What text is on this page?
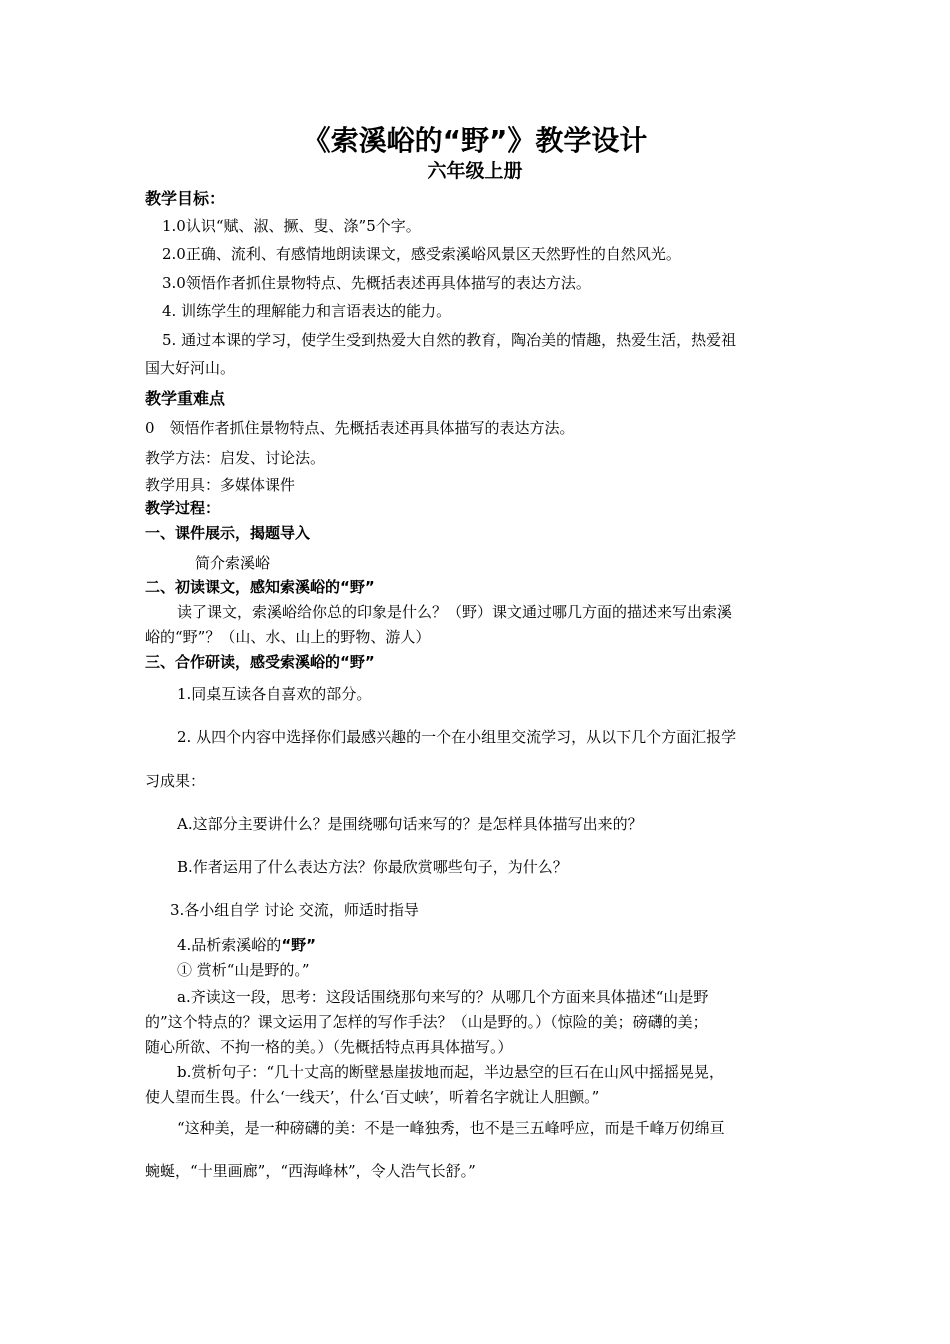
《索溪峪的“野”》教学设计
六年级上册
教学目标：
1.0认识“赋、淑、撅、叟、涤”5个字。
2.0正确、流利、有感情地朗读课文，感受索溪峪风景区天然野性的自然风光。
3.0领悟作者抓住景物特点、先概括表述再具体描写的表达方法。
4. 训练学生的理解能力和言语表达的能力。
5. 通过本课的学习，使学生受到热爱大自然的教育，陶冶美的情趣，热爱生活，热爱祖
国大好河山。
教学重难点
0　领悟作者抓住景物特点、先概括表述再具体描写的表达方法。
教学方法：启发、讨论法。
教学用具：多媒体课件
教学过程：
一、课件展示，揭题导入
简介索溪峪
二、初读课文，感知索溪峪的“野”
读了课文，索溪峪给你总的印象是什么？（野）课文通过哪几方面的描述来写出索溪
峪的“野”？（山、水、山上的野物、游人）
三、合作研读，感受索溪峪的“野”
1.同桌互读各自喜欢的部分。
2. 从四个内容中选择你们最感兴趣的一个在小组里交流学习，从以下几个方面汇报学
习成果：
A.这部分主要讲什么？是围绕哪句话来写的？是怎样具体描写出来的？
B.作者运用了什么表达方法？你最欣赏哪些句子，为什么？
3.各小组自学 讨论 交流，师适时指导
4.品析索溪峪的“野”
① 赏析“山是野的。”
a.齐读这一段，思考：这段话围绕那句来写的？从哪几个方面来具体描述“山是野
的”这个特点的？课文运用了怎样的写作手法？（山是野的。）（惊险的美；磅礴的美；
随心所欲、不拘一格的美。）（先概括特点再具体描写。）
b.赏析句子：“几十丈高的断壁悬崖拔地而起，半边悬空的巨石在山风中摇摇晃晃，
使人望而生畏。什么‘一线天’，什么‘百丈峡’，听着名字就让人胆颤。”
“这种美，是一种磅礴的美：不是一峰独秀，也不是三五峰呼应，而是千峰万仞绵亘
蜿蜒，“十里画廊”，“西海峰林”，令人浩气长舒。”
